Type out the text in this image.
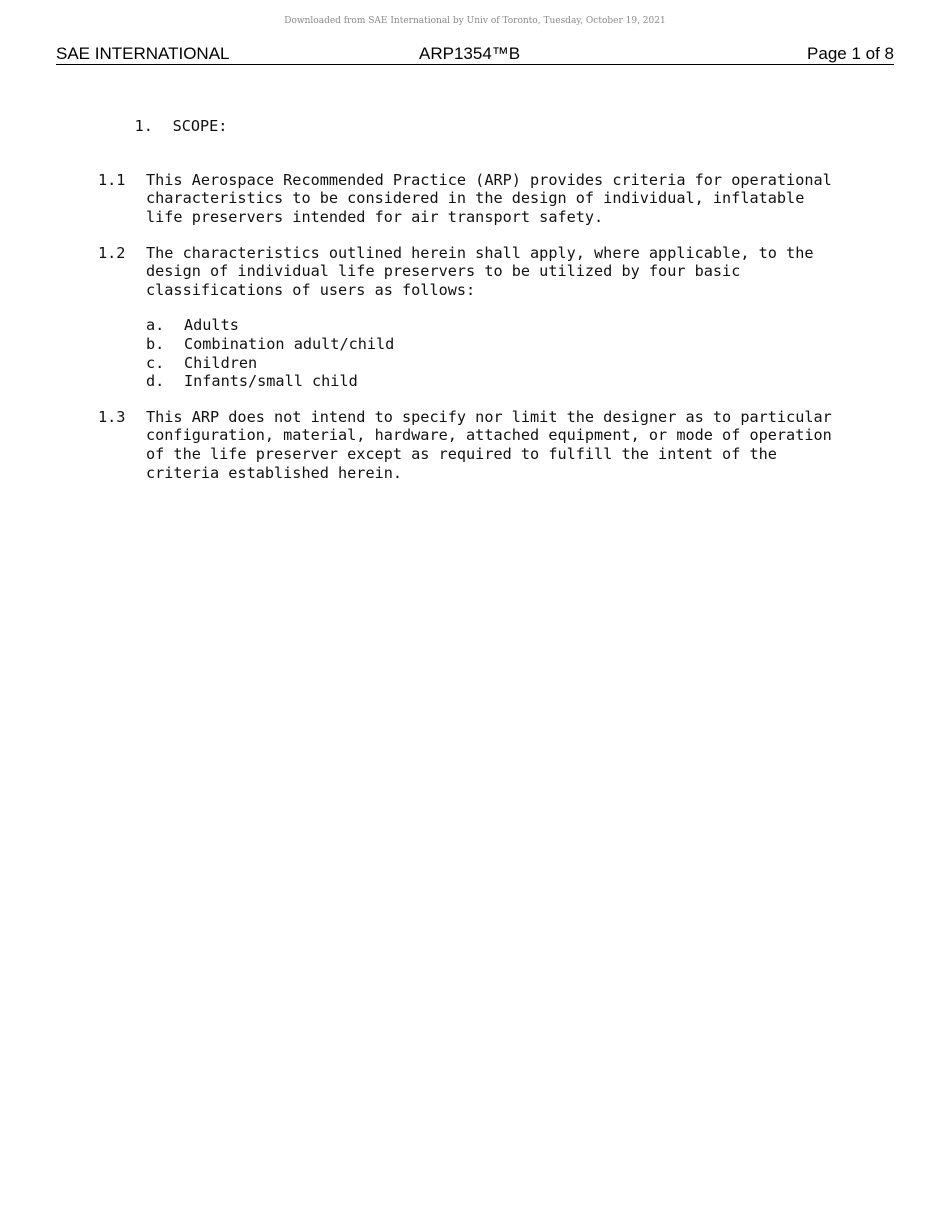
Downloaded from SAE International by Univ of Toronto, Tuesday, October 19, 2021
SAE INTERNATIONAL	ARP1354™B	Page 1 of 8

1. SCOPE:

1.1	This Aerospace Recommended Practice (ARP) provides criteria for operational
characteristics to be considered in the design of individual, inflatable
life preservers intended for air transport safety.
1.2	The characteristics outlined herein shall apply, where applicable, to the
design of individual life preservers to be utilized by four basic
classifications of users as follows:
a.	Adults
b.	Combination adult/child
c.	Children
d.	Infants/small child
1.3	This ARP does not intend to specify nor limit the designer as to particular
configuration, material, hardware, attached equipment, or mode of operation
of the life preserver except as required to fulfill the intent of the
criteria established herein.
